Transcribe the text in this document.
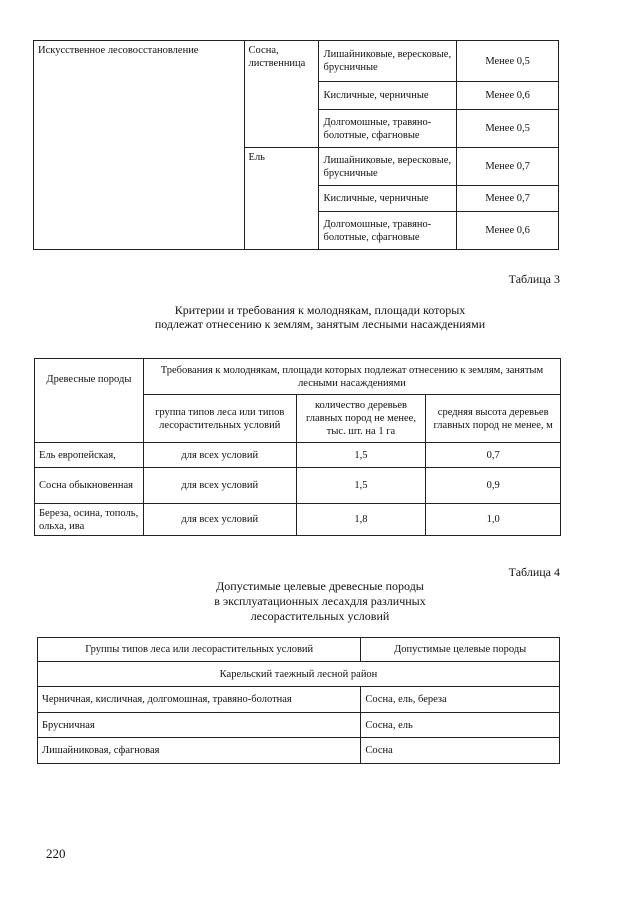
Искусственное лесовосстановление	Сосна, лиственница	Лишайниковые, вересковые, брусничные	Менее 0,5
		Кисличные, черничные	Менее 0,6
		Долгомошные, травяно-болотные, сфагновые	Менее 0,5
	Ель	Лишайниковые, вересковые, брусничные	Менее 0,7
		Кисличные, черничные	Менее 0,7
		Долгомошные, травяно-болотные, сфагновые	Менее 0,6
Таблица 3
Критерии и требования к молоднякам, площади которых
подлежат отнесению к землям, занятым лесными насаждениями
Древесные породы	Требования к молоднякам, площади которых подлежат отнесению к землям, занятым лесными насаждениями		
	группа типов леса или типов лесорастительных условий	количество деревьев главных пород не менее, тыс. шт. на 1 га	средняя высота деревьев главных пород не менее, м
Ель европейская,	для всех условий	1,5	0,7
Сосна обыкновенная	для всех условий	1,5	0,9
Береза, осина, тополь, ольха, ива	для всех условий	1,8	1,0
Таблица 4
Допустимые целевые древесные породы
в эксплуатационных лесахдля различных
лесорастительных условий
Группы типов леса или лесорастительных условий	Допустимые целевые породы
Карельский таежный лесной район	
Черничная, кисличная, долгомошная, травяно-болотная	Сосна, ель, береза
Брусничная	Сосна, ель
Лишайниковая, сфагновая	Сосна
220
